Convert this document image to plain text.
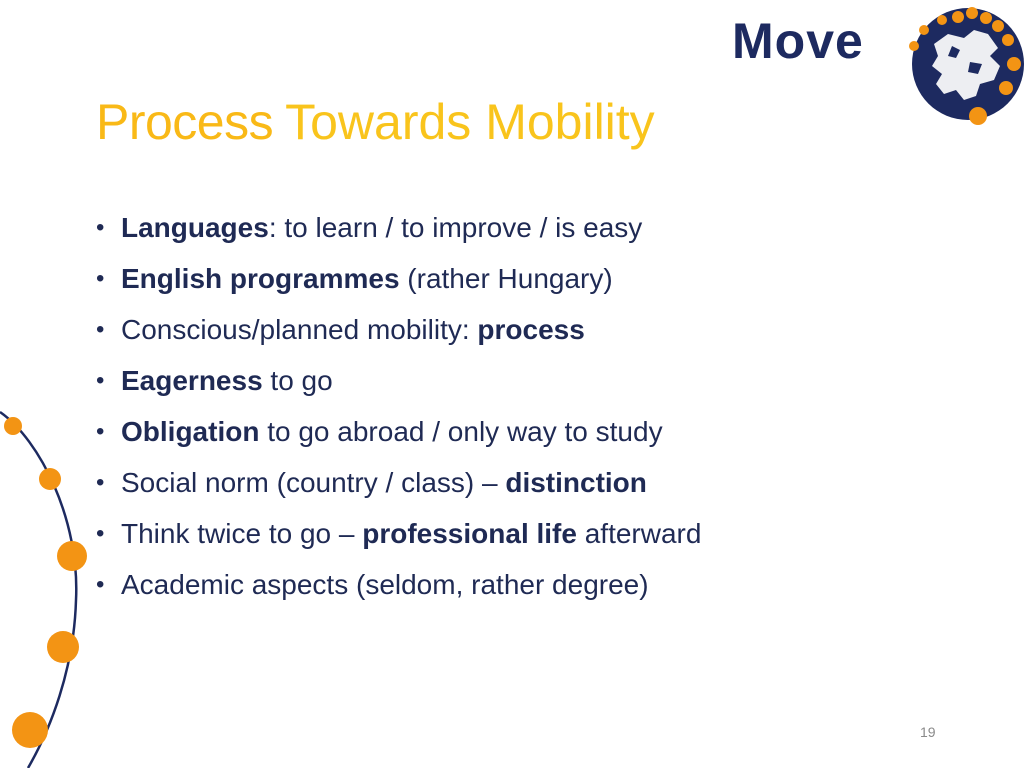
Move
Process Towards Mobility
• Languages: to learn / to improve / is easy
• English programmes (rather Hungary)
• Conscious/planned mobility: process
• Eagerness to go
• Obligation to go abroad / only way to study
• Social norm (country / class) – distinction
• Think twice to go – professional life afterward
• Academic aspects (seldom, rather degree)
19
